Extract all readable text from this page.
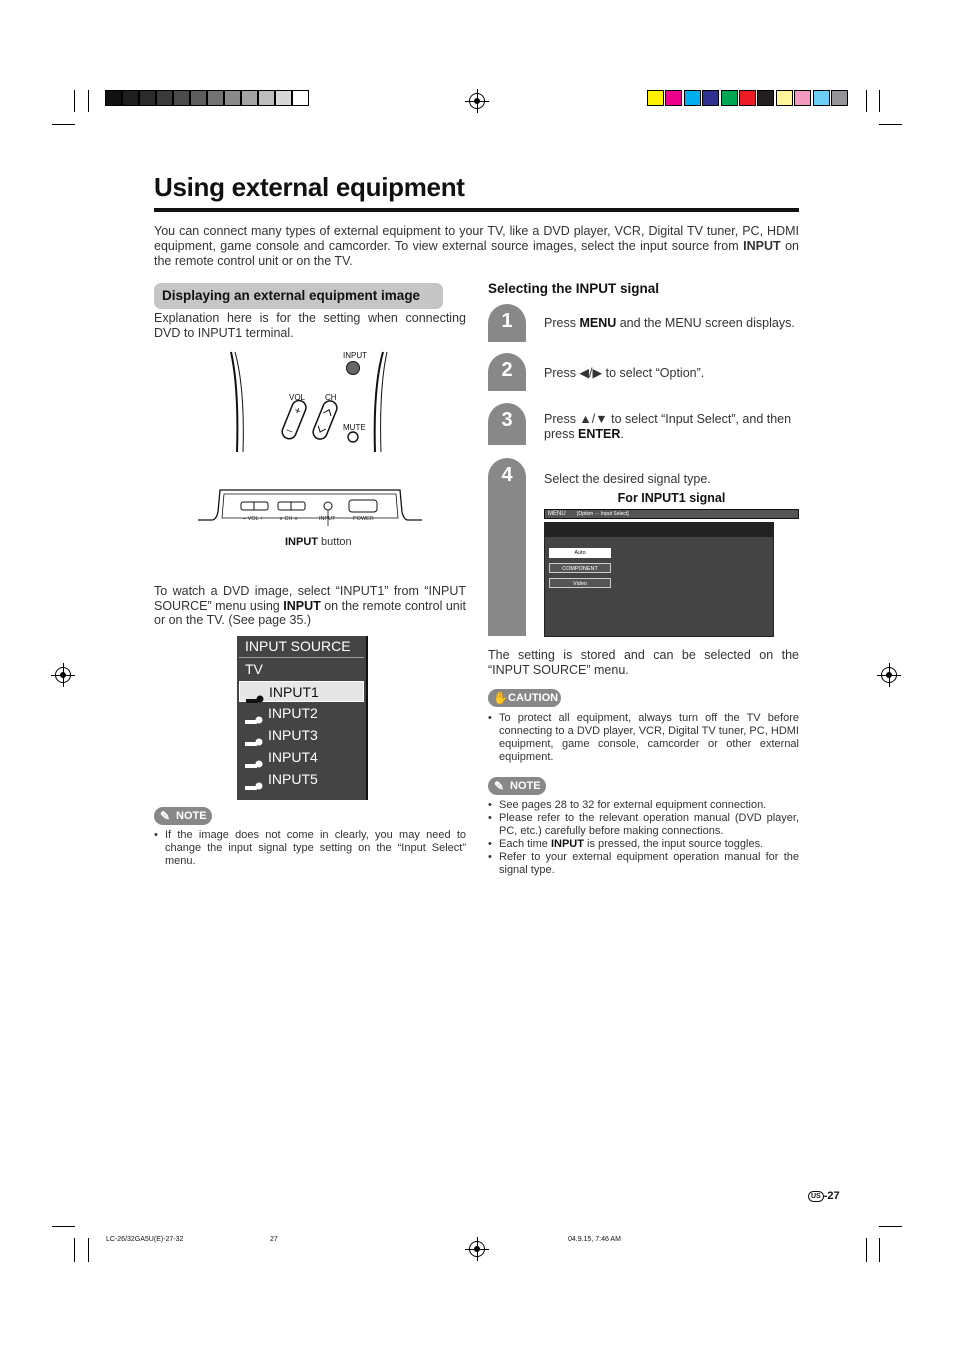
Using external equipment

You can connect many types of external equipment to your TV, like a DVD player, VCR, Digital TV tuner, PC, HDMI equipment, game console and camcorder. To view external source images, select the input source from INPUT on the remote control unit or on the TV.

Displaying an external equipment image

Explanation here is for the setting when connecting DVD to INPUT1 terminal.

+
–
INPUT
VOL CH
MUTE
– VOL +	∨ CH ∧	INPUT	POWER
INPUT button

To watch a DVD image, select “INPUT1” from “INPUT SOURCE” menu using INPUT on the remote control unit or on the TV. (See page 35.)

INPUT SOURCE
TV
INPUT1
INPUT2
INPUT3
INPUT4
INPUT5
✎ NOTE
• If the image does not come in clearly, you may need to change the input signal type setting on the “Input Select” menu.
Selecting the INPUT signal
1
2
3
4

Press MENU and the MENU screen displays.

Press ◀/▶ to select “Option”.

Press ▲/▼ to select “Input Select”, and then press ENTER.

Select the desired signal type.

For INPUT1 signal
MENU [Option ··· Input Select]
Auto
COMPONENT
Video

The setting is stored and can be selected on the “INPUT SOURCE” menu.

✋ CAUTION
• To protect all equipment, always turn off the TV before connecting to a DVD player, VCR, Digital TV tuner, PC, HDMI equipment, game console, camcorder or other external equipment.
✎ NOTE
• See pages 28 to 32 for external equipment connection.
• Please refer to the relevant operation manual (DVD player, PC, etc.) carefully before making connections.
• Each time INPUT is pressed, the input source toggles.
• Refer to your external equipment operation manual for the signal type.
US -27
LC-26/32GA5U(E)-27-32	27	04.9.15, 7:46 AM
